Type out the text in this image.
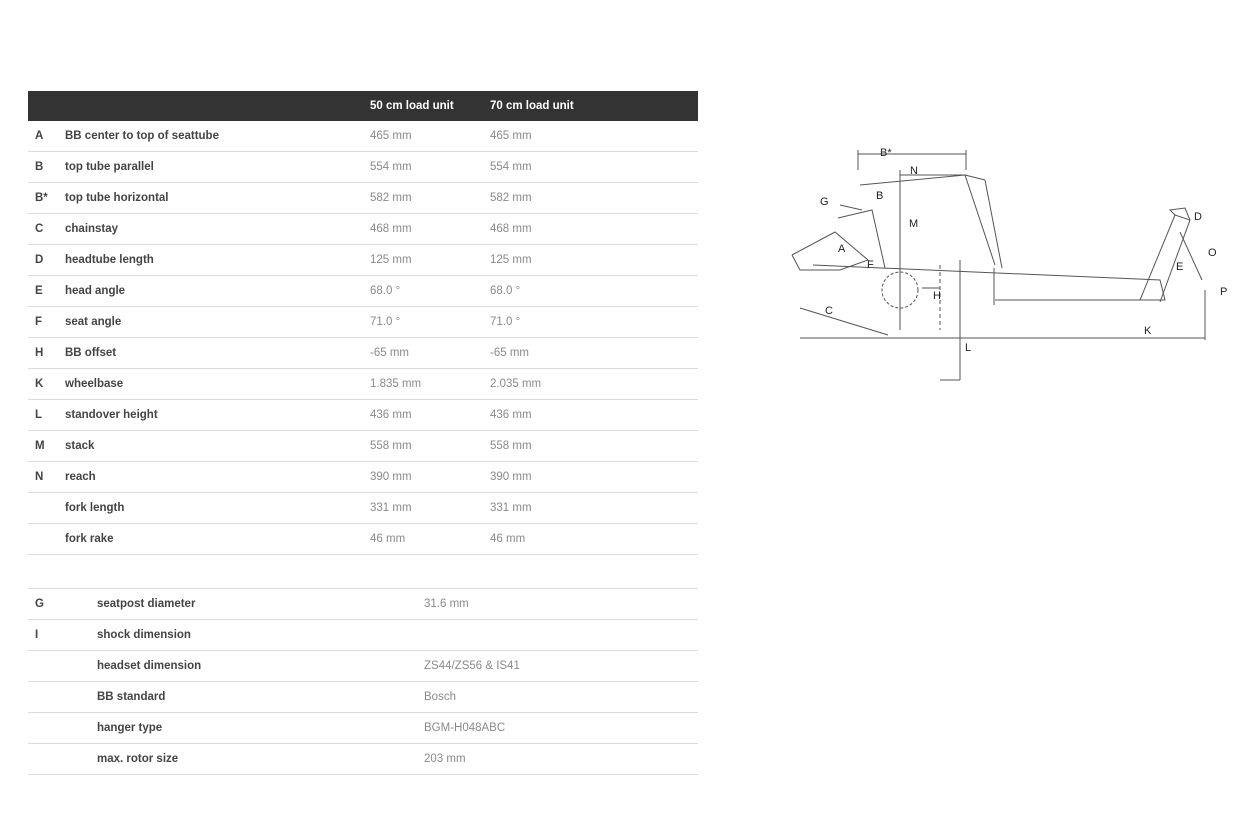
50 cm load unit	70 cm load unit
A BB center to top of seattube	465 mm	465 mm
B top tube parallel	554 mm	554 mm
B* top tube horizontal	582 mm	582 mm
C chainstay	468 mm	468 mm
D headtube length	125 mm	125 mm
E head angle	68.0 °	68.0 °
F seat angle	71.0 °	71.0 °
H BB offset	-65 mm	-65 mm
K wheelbase	1.835 mm	2.035 mm
L standover height	436 mm	436 mm
M stack	558 mm	558 mm
N reach	390 mm	390 mm
fork length	331 mm	331 mm
fork rake	46 mm	46 mm
G	seatpost diameter	31.6 mm
I	shock dimension
headset dimension	ZS44/ZS56 & IS41
BB standard	Bosch
hanger type	BGM-H048ABC
max. rotor size	203 mm
B*
N
G	B
M
A
F
H
C
L
K
D
O
E
P
